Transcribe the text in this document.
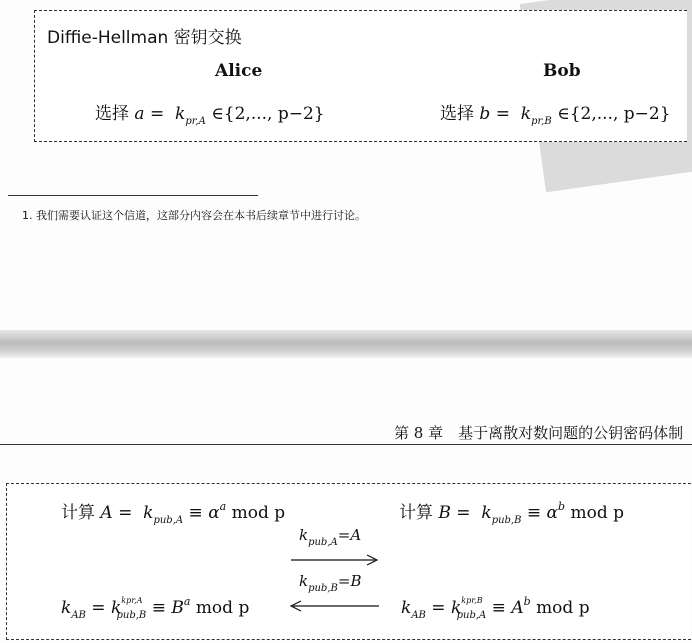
Diffie-Hellman 密钥交换
Alice	Bob
选择 $a = k_{pr,A}$ ∈{2,..., p−2}	选择 $b = k_{pr,B}$ ∈{2,..., p−2}
1. 我们需要认证这个信道，这部分内容会在本书后续章节中进行讨论。
第 8 章　基于离散对数问题的公钥密码体制
计算 $A = k_{pub,A} \equiv \alpha^a$ mod p	计算 $B = k_{pub,B} \equiv \alpha^b$ mod p
$k_{pub,A}=A$
$k_{pub,B}=B$
$k_{AB} = k^{kpr,A}_{pub,B} \equiv B^a$ mod p	$k_{AB} = k^{kpr,B}_{pub,A} \equiv A^b$ mod p
